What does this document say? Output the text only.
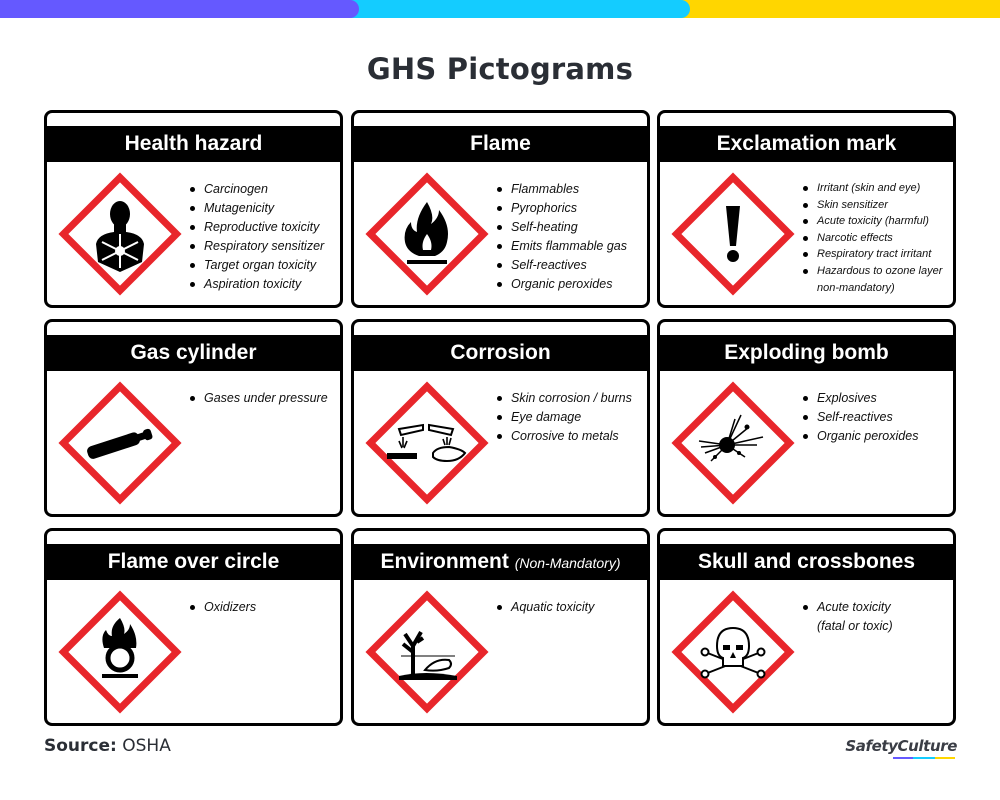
GHS Pictograms
Health hazard
Carcinogen
Mutagenicity
Reproductive toxicity
Respiratory sensitizer
Target organ toxicity
Aspiration toxicity
Flame
Flammables
Pyrophorics
Self-heating
Emits flammable gas
Self-reactives
Organic peroxides
Exclamation mark
Irritant (skin and eye)
Skin sensitizer
Acute toxicity (harmful)
Narcotic effects
Respiratory tract irritant
Hazardous to ozone layer
non-mandatory)
Gas cylinder
Gases under pressure
Corrosion
Skin corrosion / burns
Eye damage
Corrosive to metals
Exploding bomb
Explosives
Self-reactives
Organic peroxides
Flame over circle
Oxidizers
Environment (Non-Mandatory)
Aquatic toxicity
Skull and crossbones
Acute toxicity
(fatal or toxic)
Source: OSHA	SafetyCulture
